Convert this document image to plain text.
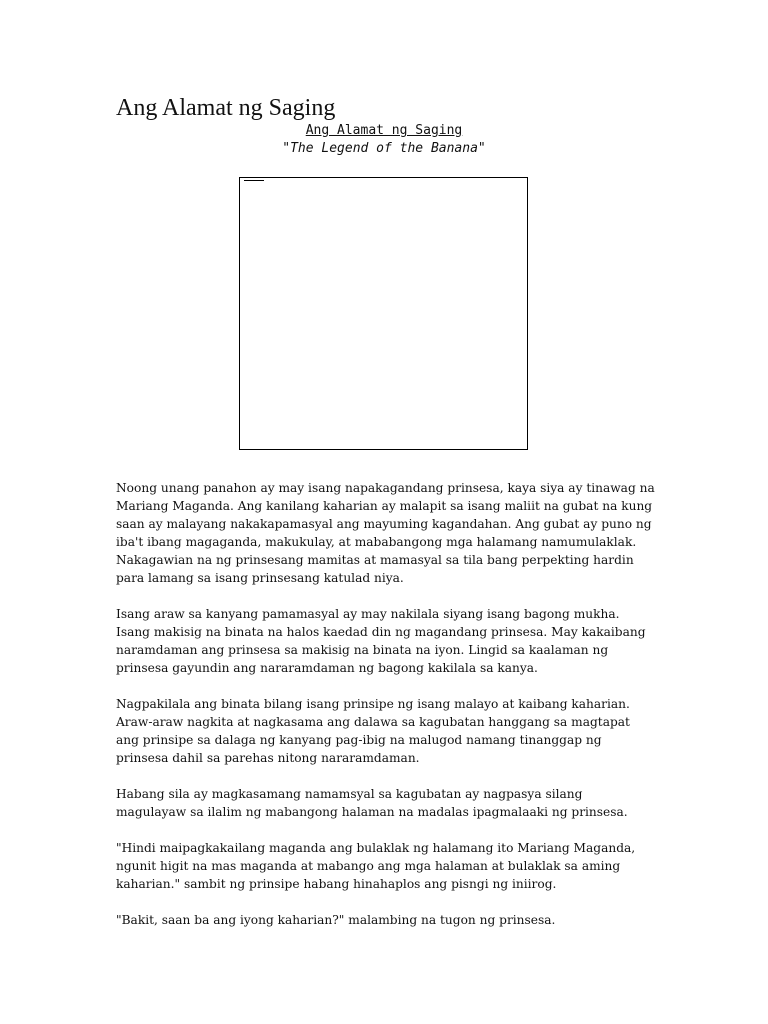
Ang Alamat ng Saging
Ang Alamat ng Saging
"The Legend of the Banana"

Noong unang panahon ay may isang napakagandang prinsesa, kaya siya ay tinawag na Mariang Maganda. Ang kanilang kaharian ay malapit sa isang maliit na gubat na kung saan ay malayang nakakapamasyal ang mayuming kagandahan. Ang gubat ay puno ng iba't ibang magaganda, makukulay, at mababangong mga halamang namumulaklak. Nakagawian na ng prinsesang mamitas at mamasyal sa tila bang perpekting hardin para lamang sa isang prinsesang katulad niya.

Isang araw sa kanyang pamamasyal ay may nakilala siyang isang bagong mukha. Isang makisig na binata na halos kaedad din ng magandang prinsesa. May kakaibang naramdaman ang prinsesa sa makisig na binata na iyon. Lingid sa kaalaman ng prinsesa gayundin ang nararamdaman ng bagong kakilala sa kanya.

Nagpakilala ang binata bilang isang prinsipe ng isang malayo at kaibang kaharian. Araw-araw nagkita at nagkasama ang dalawa sa kagubatan hanggang sa magtapat ang prinsipe sa dalaga ng kanyang pag-ibig na malugod namang tinanggap ng prinsesa dahil sa parehas nitong nararamdaman.

Habang sila ay magkasamang namamsyal sa kagubatan ay nagpasya silang magulayaw sa ilalim ng mabangong halaman na madalas ipagmalaaki ng prinsesa.

"Hindi maipagkakailang maganda ang bulaklak ng halamang ito Mariang Maganda, ngunit higit na mas maganda at mabango ang mga halaman at bulaklak sa aming kaharian." sambit ng prinsipe habang hinahaplos ang pisngi ng iniirog.

"Bakit, saan ba ang iyong kaharian?" malambing na tugon ng prinsesa.
